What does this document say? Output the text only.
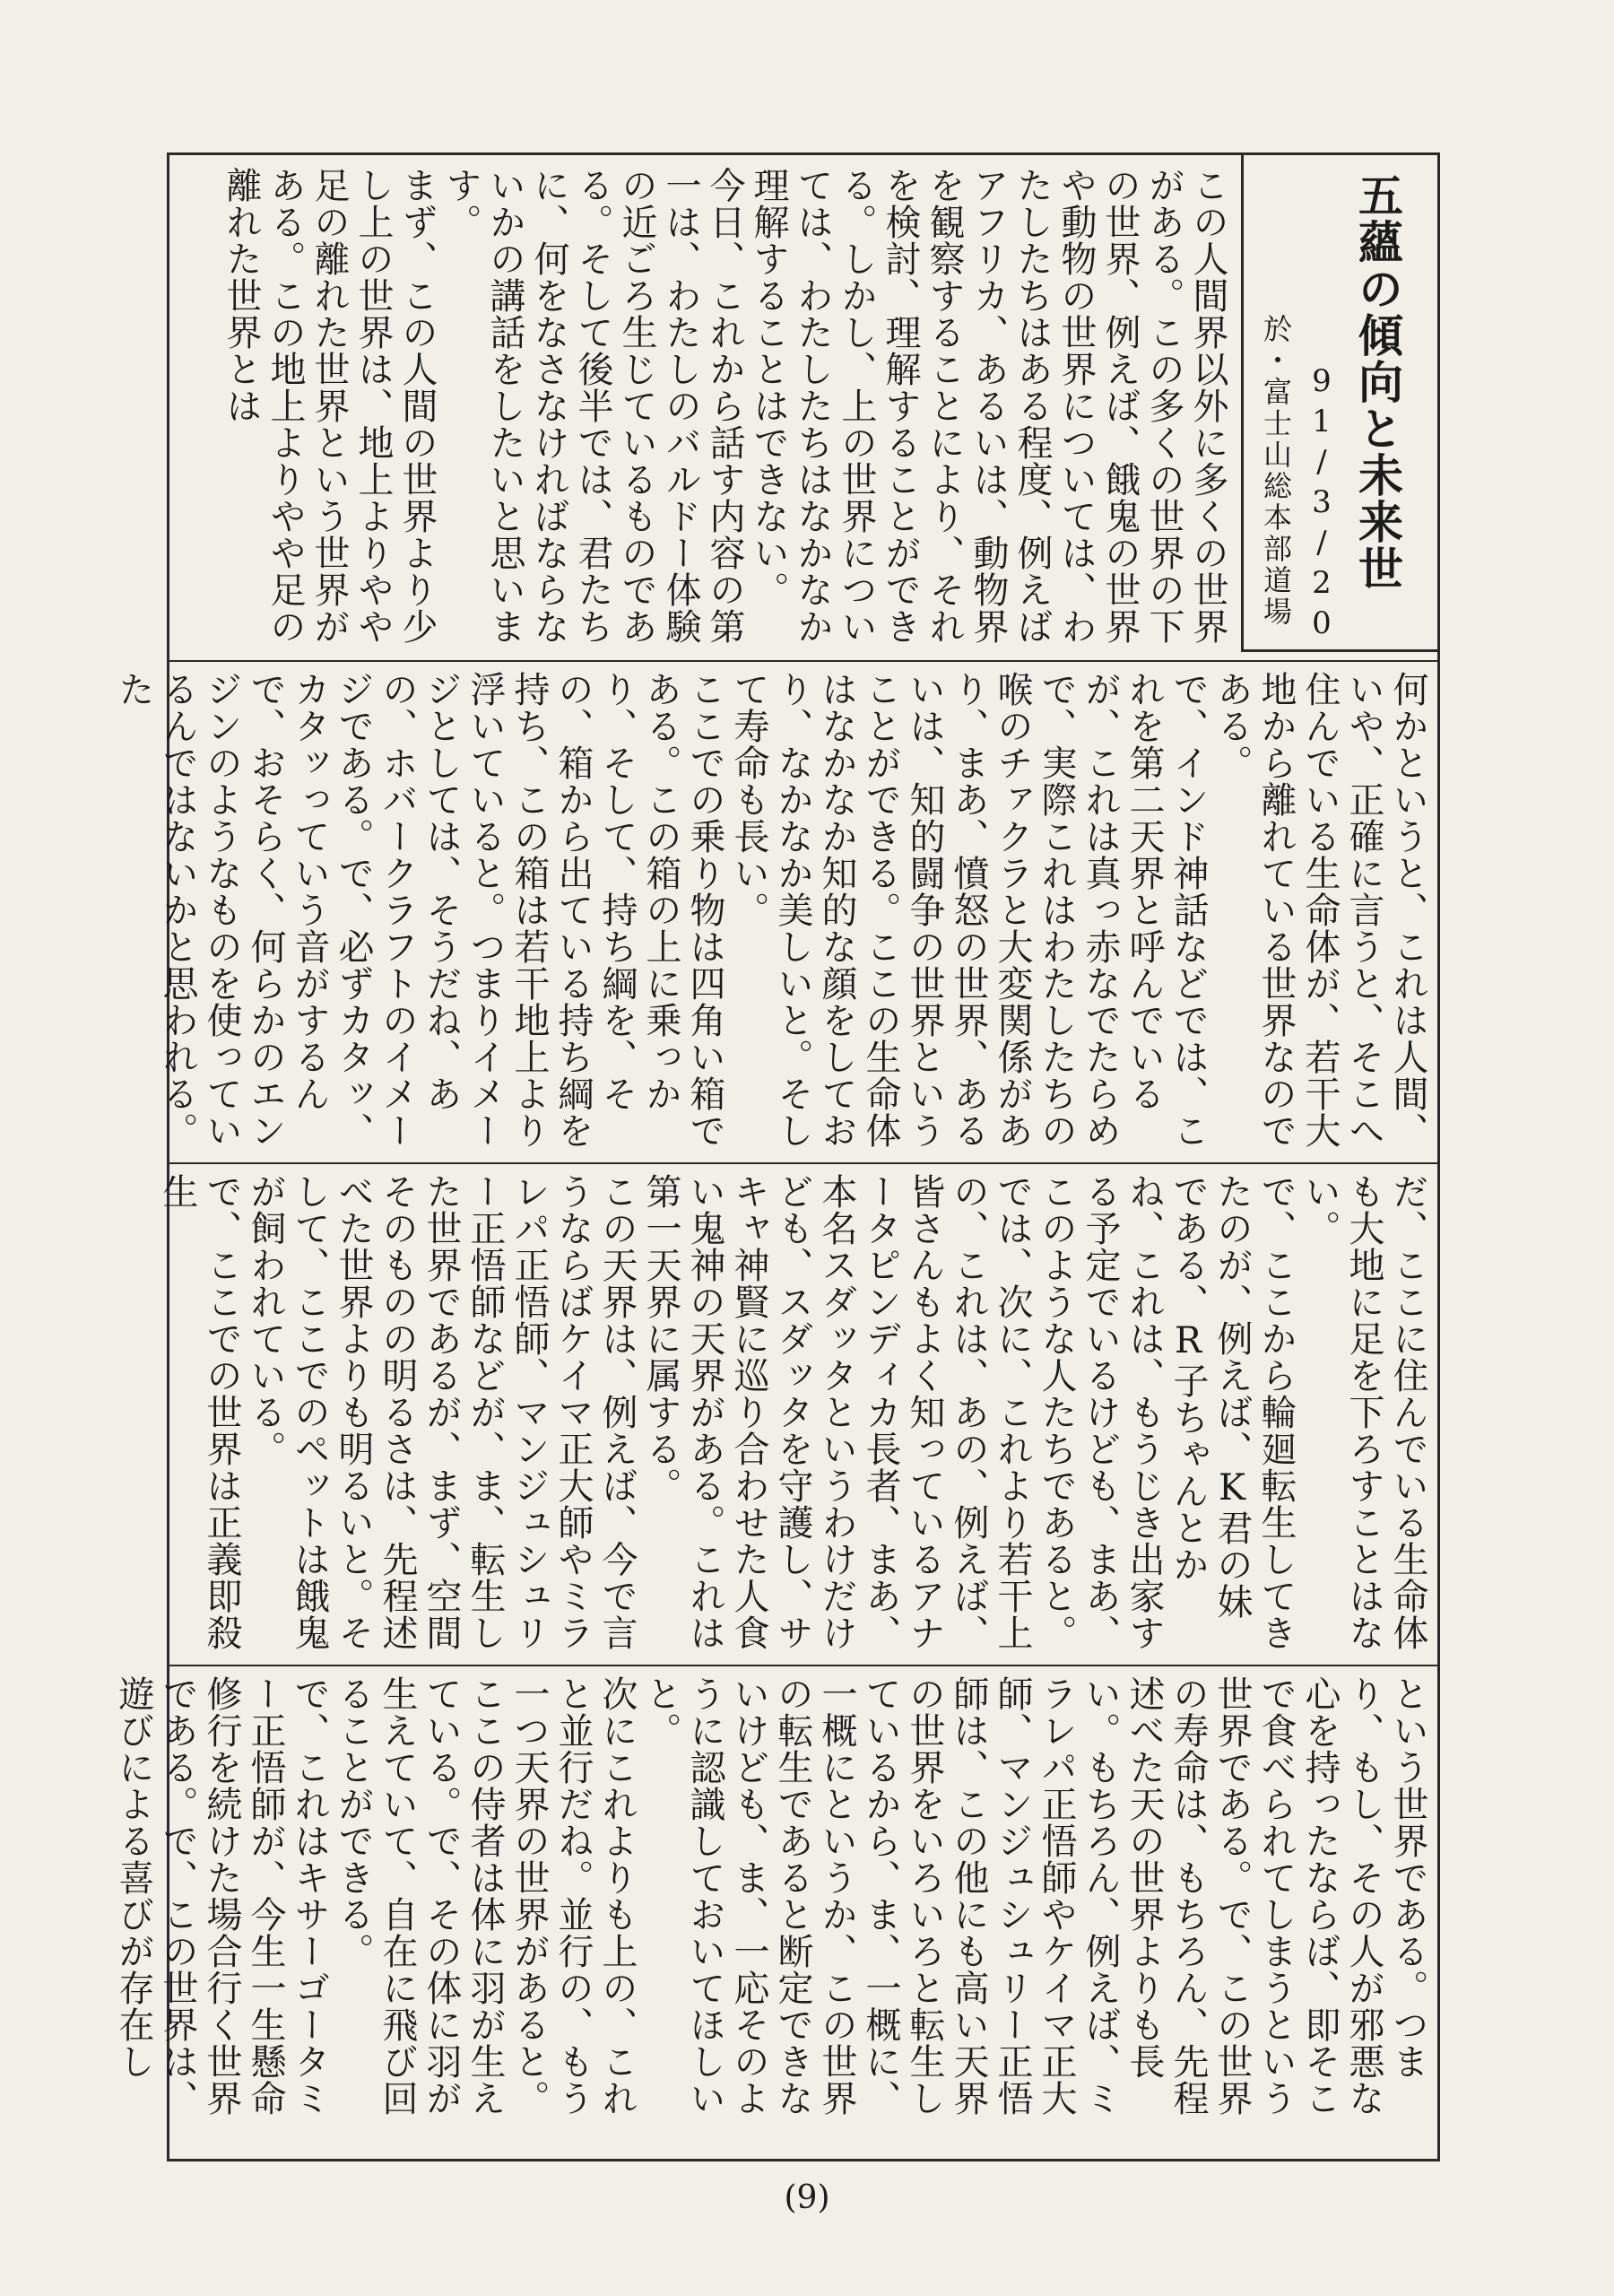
五蘊の傾向と未来世
91/3/20
於・富士山総本部道場
この人間界以外に多くの世界がある。この多くの世界の下の世界、例えば、餓鬼の世界や動物の世界については、わたしたちはある程度、例えばアフリカ、あるいは、動物界を観察することにより、それを検討、理解することができる。しかし、上の世界については、わたしたちはなかなか理解することはできない。
今日、これから話す内容の第一は、わたしのバルドー体験の近ごろ生じているものである。そして後半では、君たちに、何をなさなければならないかの講話をしたいと思います。
まず、この人間の世界より少し上の世界は、地上よりやや足の離れた世界という世界がある。この地上よりやや足の離れた世界とは
何かというと、これは人間、いや、正確に言うと、そこへ住んでいる生命体が、若干大地から離れている世界なのである。
で、インド神話などでは、これを第二天界と呼んでいるが、これは真っ赤なでたらめで、実際これはわたしたちの喉のチァクラと大変関係があり、まあ、憤怒の世界、あるいは、知的闘争の世界ということができる。ここの生命体はなかなか知的な顔をしており、なかなか美しいと。そして寿命も長い。
ここでの乗り物は四角い箱である。この箱の上に乗っかり、そして、持ち綱を、その、箱から出ている持ち綱を持ち、この箱は若干地上より浮いていると。つまりイメージとしては、そうだね、あの、ホバークラフトのイメージである。で、必ずカタッ、カタッっていう音がするんで、おそらく、何らかのエンジンのようなものを使っているんではないかと思われる。た
だ、ここに住んでいる生命体も大地に足を下ろすことはない。
で、ここから輪廻転生してきたのが、例えば、K君の妹である、R子ちゃんとかね、これは、もうじき出家する予定でいるけども、まあ、このような人たちであると。
では、次に、これより若干上の、これは、あの、例えば、皆さんもよく知っているアナータピンディカ長者、まあ、本名スダッタというわけだけども、スダッタを守護し、サキャ神賢に巡り合わせた人食い鬼神の天界がある。これは第一天界に属する。
この天界は、例えば、今で言うならばケイマ正大師やミラレパ正悟師、マンジュシュリー正悟師などが、ま、転生した世界であるが、まず、空間そのものの明るさは、先程述べた世界よりも明るいと。そして、ここでのペットは餓鬼が飼われている。
で、ここでの世界は正義即殺生
という世界である。つまり、もし、その人が邪悪な心を持ったならば、即そこで食べられてしまうという世界である。で、この世界の寿命は、もちろん、先程述べた天の世界よりも長い。もちろん、例えば、ミラレパ正悟師やケイマ正大師、マンジュシュリー正悟師は、この他にも高い天界の世界をいろいろと転生しているから、ま、一概に、一概にというか、この世界の転生であると断定できないけども、ま、一応そのように認識しておいてほしいと。
次にこれよりも上の、これと並行だね。並行の、もう一つ天界の世界があると。ここの侍者は体に羽が生えている。で、その体に羽が生えていて、自在に飛び回ることができる。
で、これはキサーゴータミー正悟師が、今生一生懸命修行を続けた場合行く世界である。で、この世界は、遊びによる喜びが存在し
(9)
